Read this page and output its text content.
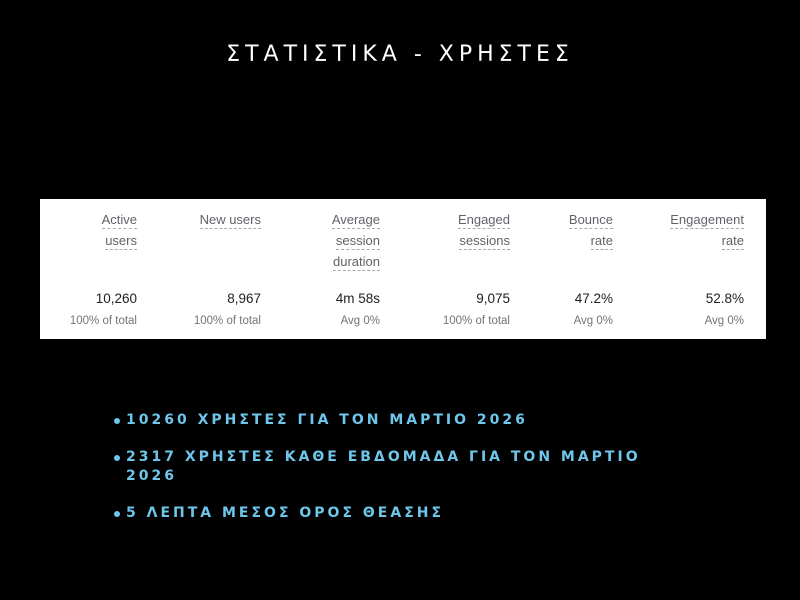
ΣΤΑΤΙΣΤΙΚΑ - ΧΡΗΣΤΕΣ
Active
users
10,260
100% of total
New users
8,967
100% of total
Average
session
duration
4m 58s
Avg 0%
Engaged
sessions
9,075
100% of total
Bounce
rate
47.2%
Avg 0%
Engagement
rate
52.8%
Avg 0%
10260 ΧΡΗΣΤΕΣ ΓΙΑ ΤΟΝ ΜΑΡΤΙΟ 2026
2317 ΧΡΗΣΤΕΣ ΚΑΘΕ ΕΒΔΟΜΑΔΑ ΓΙΑ ΤΟΝ ΜΑΡΤΙΟ 2026
5 ΛΕΠΤΑ ΜΕΣΟΣ ΟΡΟΣ ΘΕΑΣΗΣ
